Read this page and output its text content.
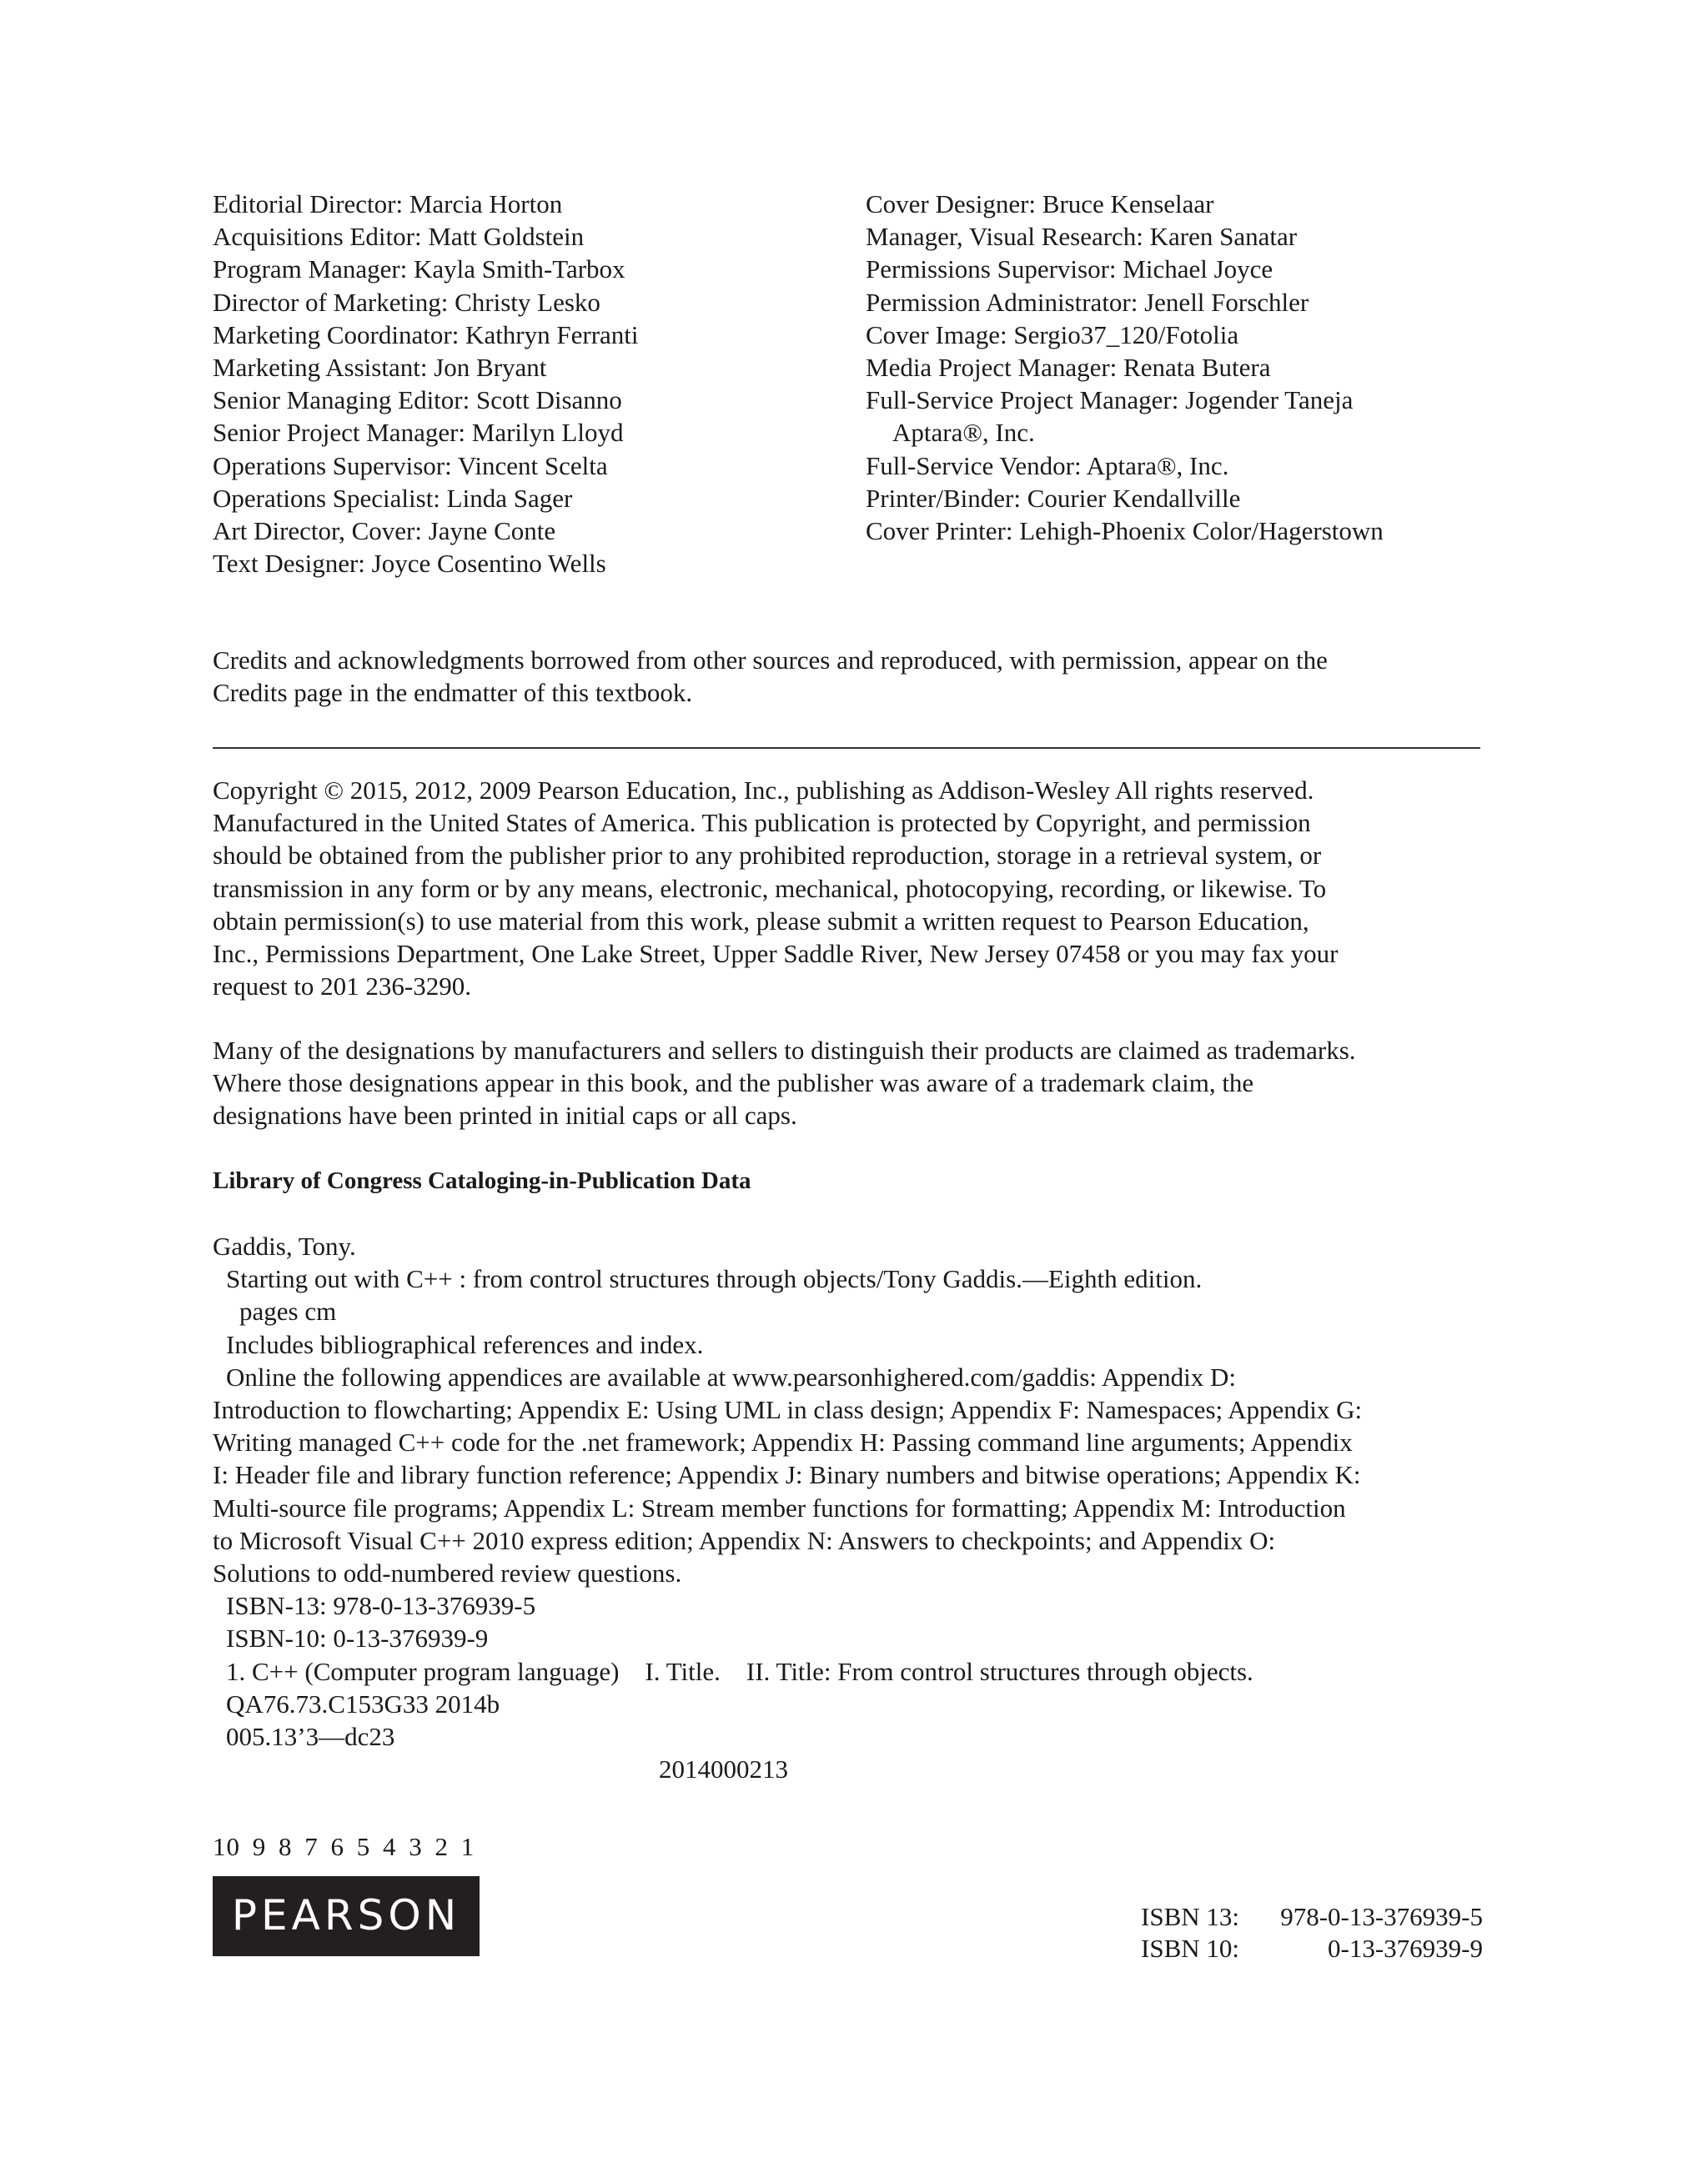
Editorial Director: Marcia Horton
Acquisitions Editor: Matt Goldstein
Program Manager: Kayla Smith-Tarbox
Director of Marketing: Christy Lesko
Marketing Coordinator: Kathryn Ferranti
Marketing Assistant: Jon Bryant
Senior Managing Editor: Scott Disanno
Senior Project Manager: Marilyn Lloyd
Operations Supervisor: Vincent Scelta
Operations Specialist: Linda Sager
Art Director, Cover: Jayne Conte
Text Designer: Joyce Cosentino Wells
Cover Designer: Bruce Kenselaar
Manager, Visual Research: Karen Sanatar
Permissions Supervisor: Michael Joyce
Permission Administrator: Jenell Forschler
Cover Image: Sergio37_120/Fotolia
Media Project Manager: Renata Butera
Full-Service Project Manager: Jogender Taneja
Aptara®, Inc.
Full-Service Vendor: Aptara®, Inc.
Printer/Binder: Courier Kendallville
Cover Printer: Lehigh-Phoenix Color/Hagerstown
Credits and acknowledgments borrowed from other sources and reproduced, with permission, appear on the
Credits page in the endmatter of this textbook.
Copyright © 2015, 2012, 2009 Pearson Education, Inc., publishing as Addison-Wesley All rights reserved.
Manufactured in the United States of America. This publication is protected by Copyright, and permission
should be obtained from the publisher prior to any prohibited reproduction, storage in a retrieval system, or
transmission in any form or by any means, electronic, mechanical, photocopying, recording, or likewise. To
obtain permission(s) to use material from this work, please submit a written request to Pearson Education,
Inc., Permissions Department, One Lake Street, Upper Saddle River, New Jersey 07458 or you may fax your
request to 201 236-3290.
Many of the designations by manufacturers and sellers to distinguish their products are claimed as trademarks.
Where those designations appear in this book, and the publisher was aware of a trademark claim, the
designations have been printed in initial caps or all caps.
Library of Congress Cataloging-in-Publication Data
Gaddis, Tony.
Starting out with C++ : from control structures through objects/Tony Gaddis.—Eighth edition.
pages cm
Includes bibliographical references and index.
Online the following appendices are available at www.pearsonhighered.com/gaddis: Appendix D:
Introduction to flowcharting; Appendix E: Using UML in class design; Appendix F: Namespaces; Appendix G:
Writing managed C++ code for the .net framework; Appendix H: Passing command line arguments; Appendix
I: Header file and library function reference; Appendix J: Binary numbers and bitwise operations; Appendix K:
Multi-source file programs; Appendix L: Stream member functions for formatting; Appendix M: Introduction
to Microsoft Visual C++ 2010 express edition; Appendix N: Answers to checkpoints; and Appendix O:
Solutions to odd-numbered review questions.
ISBN-13: 978-0-13-376939-5
ISBN-10: 0-13-376939-9
1. C++ (Computer program language)    I. Title.    II. Title: From control structures through objects.
QA76.73.C153G33 2014b
005.13’3—dc23
2014000213
10 9 8 7 6 5 4 3 2 1
PEARSON	ISBN 13:	978-0-13-376939-5
ISBN 10:	0-13-376939-9
